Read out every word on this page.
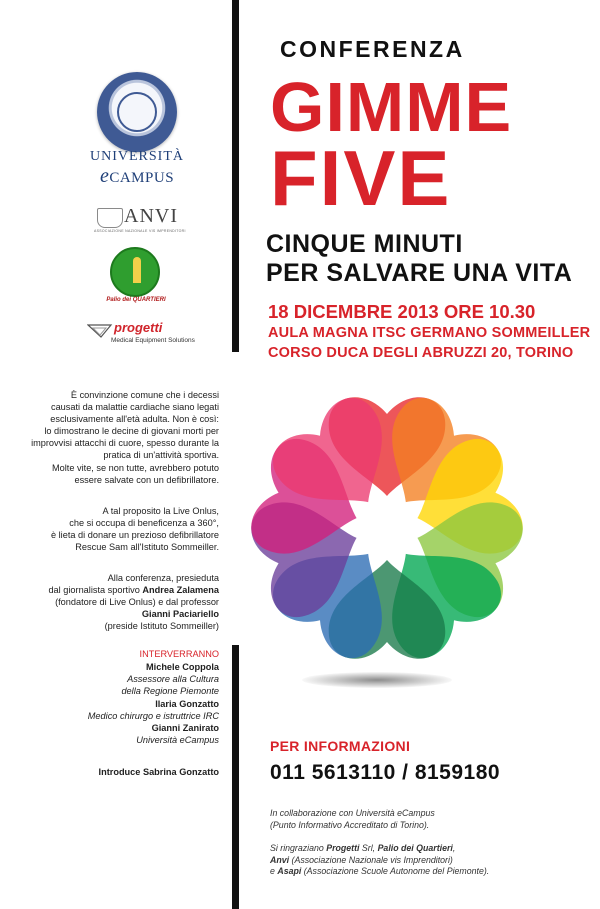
UNIVERSITÀ
eCAMPUS
ANVI
ASSOCIAZIONE NAZIONALE VIS IMPRENDITORI
Palio dei QUARTIERI
progetti
Medical Equipment Solutions
CONFERENZA
GIMME
FIVE
CINQUE MINUTI
PER SALVARE UNA VITA
18 DICEMBRE 2013 ORE 10.30
AULA MAGNA ITSC GERMANO SOMMEILLER
CORSO DUCA DEGLI ABRUZZI 20, TORINO

È convinzione comune che i decessi

causati da malattie cardiache siano legati

esclusivamente all'età adulta. Non è così:

lo dimostrano le decine di giovani morti per

improvvisi attacchi di cuore, spesso durante la

pratica di un'attività sportiva.

Molte vite, se non tutte, avrebbero potuto

essere salvate con un defibrillatore.

A tal proposito la Live Onlus,

che si occupa di beneficenza a 360°,

è lieta di donare un prezioso defibrillatore

Rescue Sam all'Istituto Sommeiller.

Alla conferenza, presieduta

dal giornalista sportivo Andrea Zalamena

(fondatore di Live Onlus) e dal professor

Gianni Paciariello

(preside Istituto Sommeiller)

INTERVERRANNO
Michele Coppola
Assessore alla Cultura
della Regione Piemonte
Ilaria Gonzatto
Medico chirurgo e istruttrice IRC
Gianni Zanirato
Università eCampus
Introduce Sabrina Gonzatto
PER INFORMAZIONI
011 5613110 / 8159180

In collaborazione con Università eCampus

(Punto Informativo Accreditato di Torino).

Si ringraziano Progetti Srl, Palio dei Quartieri,

Anvi (Associazione Nazionale vis Imprenditori)

e Asapi (Associazione Scuole Autonome del Piemonte).
